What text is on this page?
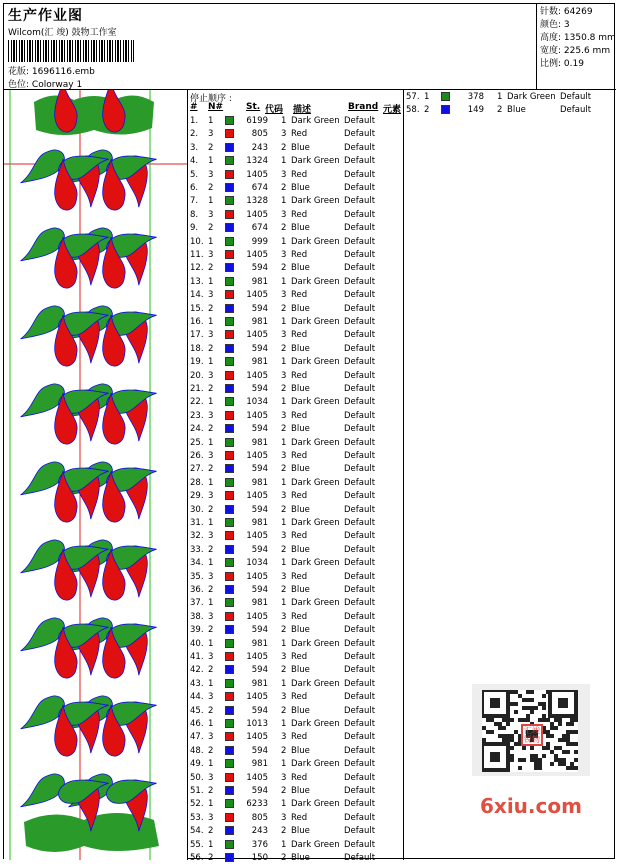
生产作业图
Wilcom(汇 竣) 鼓物工作室
花版: 1696116.emb
色位: Colorway 1
针数: 64269
颜色: 3
高度: 1350.8 mm
宽度: 225.6 mm
比例: 0.19
停止顺序 :
# N#	St. 代码 描述	Brand 元素
1. 1	6199 1 Dark Green Default
2. 3	805 3 Red	Default
3. 2	243 2 Blue	Default
4. 1	1324 1 Dark Green Default
5. 3	1405 3 Red	Default
6. 2	674 2 Blue	Default
7. 1	1328 1 Dark Green Default
8. 3	1405 3 Red	Default
9. 2	674 2 Blue	Default
10. 1	999 1 Dark Green Default
11. 3	1405 3 Red	Default
12. 2	594 2 Blue	Default
13. 1	981 1 Dark Green Default
14. 3	1405 3 Red	Default
15. 2	594 2 Blue	Default
16. 1	981 1 Dark Green Default
17. 3	1405 3 Red	Default
18. 2	594 2 Blue	Default
19. 1	981 1 Dark Green Default
20. 3	1405 3 Red	Default
21. 2	594 2 Blue	Default
22. 1	1034 1 Dark Green Default
23. 3	1405 3 Red	Default
24. 2	594 2 Blue	Default
25. 1	981 1 Dark Green Default
26. 3	1405 3 Red	Default
27. 2	594 2 Blue	Default
28. 1	981 1 Dark Green Default
29. 3	1405 3 Red	Default
30. 2	594 2 Blue	Default
31. 1	981 1 Dark Green Default
32. 3	1405 3 Red	Default
33. 2	594 2 Blue	Default
34. 1	1034 1 Dark Green Default
35. 3	1405 3 Red	Default
36. 2	594 2 Blue	Default
37. 1	981 1 Dark Green Default
38. 3	1405 3 Red	Default
39. 2	594 2 Blue	Default
40. 1	981 1 Dark Green Default
41. 3	1405 3 Red	Default
42. 2	594 2 Blue	Default
43. 1	981 1 Dark Green Default
44. 3	1405 3 Red	Default
45. 2	594 2 Blue	Default
46. 1	1013 1 Dark Green Default
47. 3	1405 3 Red	Default
48. 2	594 2 Blue	Default
49. 1	981 1 Dark Green Default
50. 3	1405 3 Red	Default
51. 2	594 2 Blue	Default
52. 1	6233 1 Dark Green Default
53. 3	805 3 Red	Default
54. 2	243 2 Blue	Default
55. 1	376 1 Dark Green Default
56. 2	150 2 Blue	Default
57. 1	378 1 Dark Green Default
58. 2	149 2 Blue	Default
汇竣 锐物
6xiu.com
